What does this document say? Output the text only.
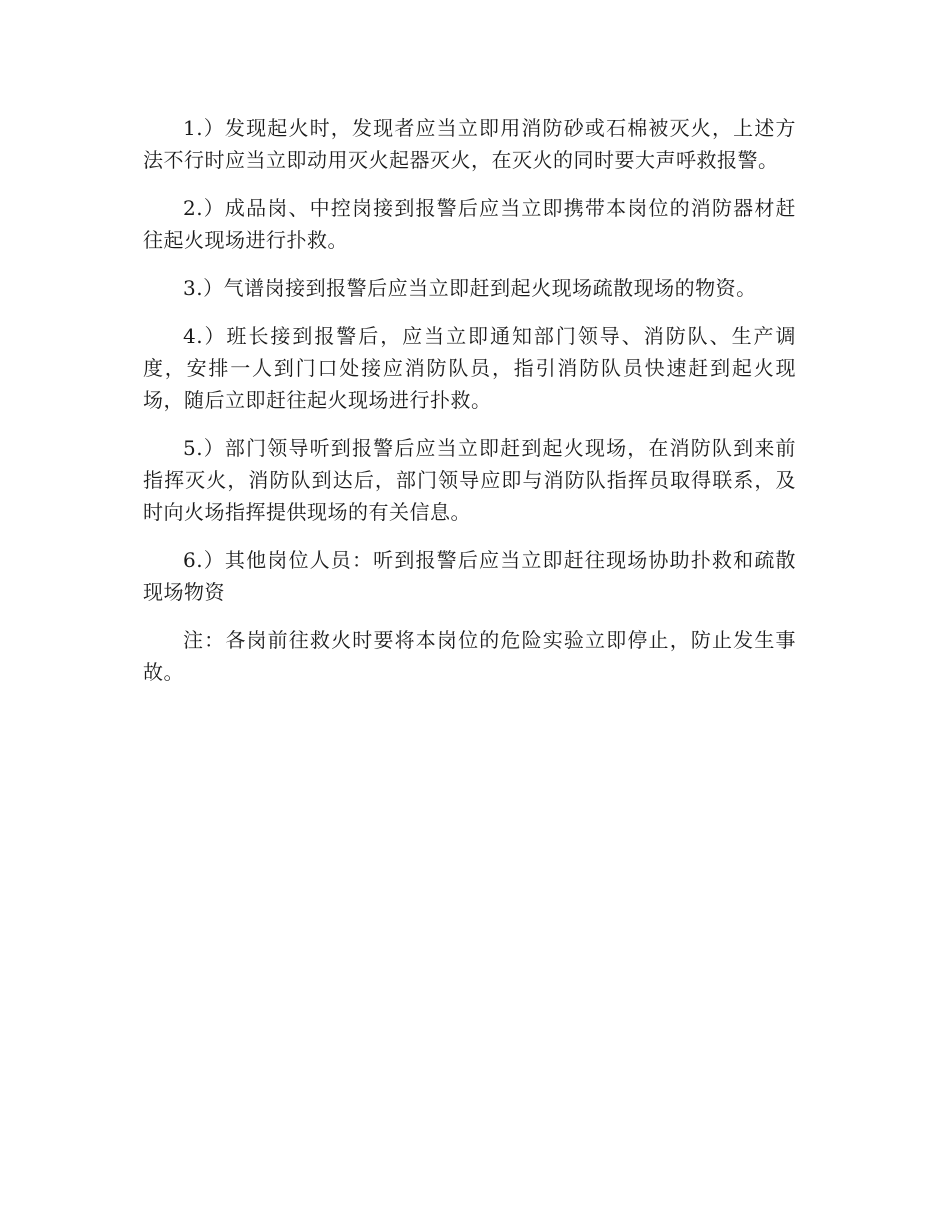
1.）发现起火时，发现者应当立即用消防砂或石棉被灭火，上述方法不行时应当立即动用灭火起器灭火，在灭火的同时要大声呼救报警。

2.）成品岗、中控岗接到报警后应当立即携带本岗位的消防器材赶往起火现场进行扑救。

3.）气谱岗接到报警后应当立即赶到起火现场疏散现场的物资。

4.）班长接到报警后，应当立即通知部门领导、消防队、生产调度，安排一人到门口处接应消防队员，指引消防队员快速赶到起火现场，随后立即赶往起火现场进行扑救。

5.）部门领导听到报警后应当立即赶到起火现场，在消防队到来前指挥灭火，消防队到达后，部门领导应即与消防队指挥员取得联系，及时向火场指挥提供现场的有关信息。

6.）其他岗位人员：听到报警后应当立即赶往现场协助扑救和疏散现场物资

注：各岗前往救火时要将本岗位的危险实验立即停止，防止发生事故。
